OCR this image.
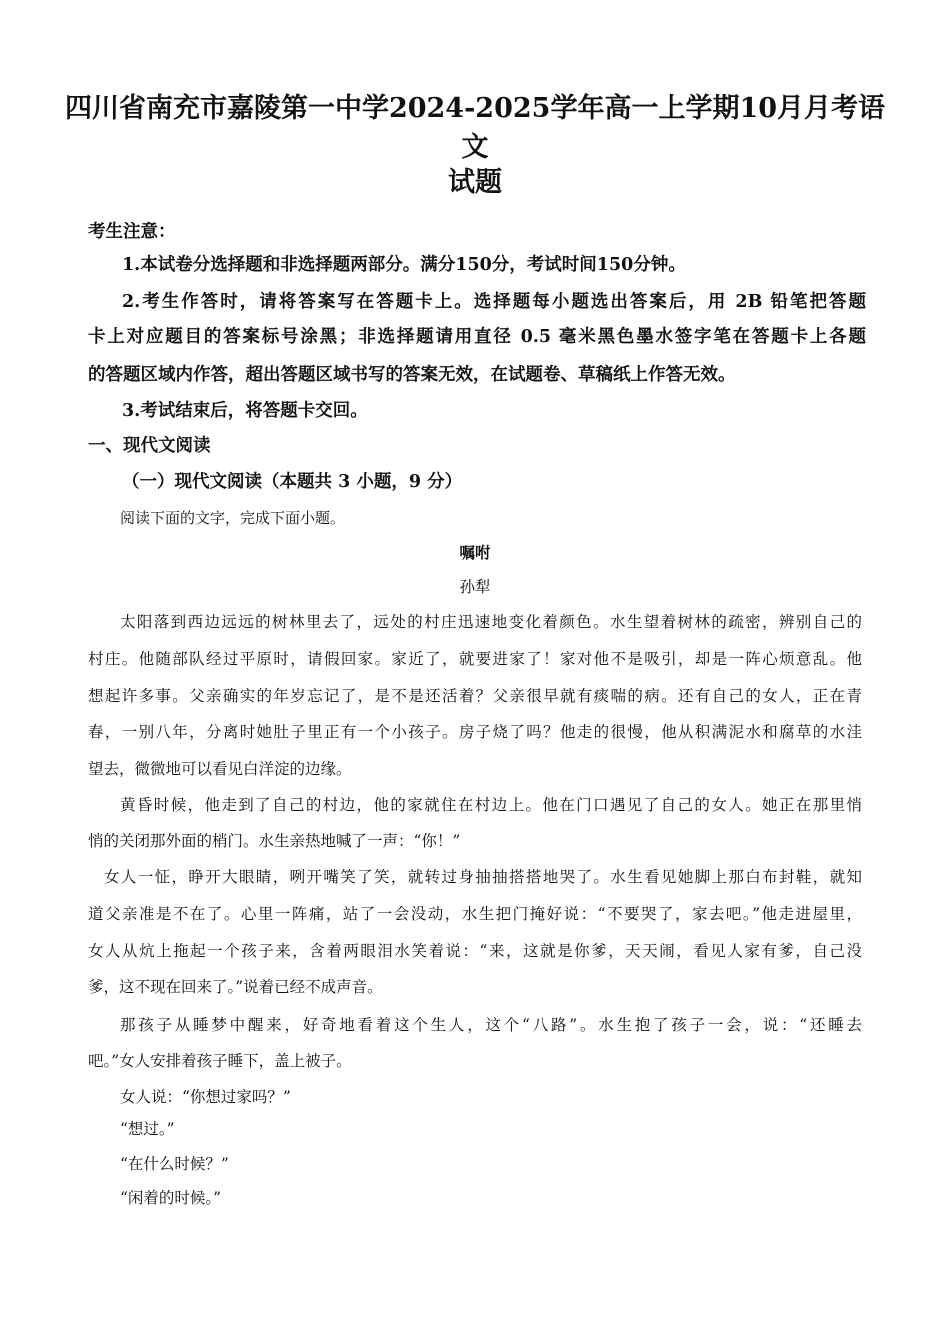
四川省南充市嘉陵第一中学2024-2025学年高一上学期10月月考语文
试题
考生注意：
1.本试卷分选择题和非选择题两部分。满分150分，考试时间150分钟。
2.考生作答时，请将答案写在答题卡上。选择题每小题选出答案后，用 2B 铅笔把答题
卡上对应题目的答案标号涂黑；非选择题请用直径 0.5 毫米黑色墨水签字笔在答题卡上各题
的答题区域内作答，超出答题区域书写的答案无效，在试题卷、草稿纸上作答无效。
3.考试结束后，将答题卡交回。
一、现代文阅读
（一）现代文阅读（本题共 3 小题，9 分）
阅读下面的文字，完成下面小题。
嘱咐
孙犁
太阳落到西边远远的树林里去了，远处的村庄迅速地变化着颜色。水生望着树林的疏密，辨别自己的
村庄。他随部队经过平原时，请假回家。家近了，就要进家了！家对他不是吸引，却是一阵心烦意乱。他
想起许多事。父亲确实的年岁忘记了，是不是还活着？父亲很早就有痰喘的病。还有自己的女人，正在青
春，一别八年，分离时她肚子里正有一个小孩子。房子烧了吗？他走的很慢，他从积满泥水和腐草的水洼
望去，微微地可以看见白洋淀的边缘。
黄昏时候，他走到了自己的村边，他的家就住在村边上。他在门口遇见了自己的女人。她正在那里悄
悄的关闭那外面的梢门。水生亲热地喊了一声：“你！”
女人一怔，睁开大眼睛，咧开嘴笑了笑，就转过身抽抽搭搭地哭了。水生看见她脚上那白布封鞋，就知
道父亲准是不在了。心里一阵痛，站了一会没动，水生把门掩好说：“不要哭了，家去吧。”他走进屋里，
女人从炕上拖起一个孩子来，含着两眼泪水笑着说：“来，这就是你爹，天天闹，看见人家有爹，自己没
爹，这不现在回来了。”说着已经不成声音。
那孩子从睡梦中醒来，好奇地看着这个生人，这个“八路”。水生抱了孩子一会，说：“还睡去
吧。”女人安排着孩子睡下，盖上被子。
女人说：“你想过家吗？”
“想过。”
“在什么时候？”
“闲着的时候。”
